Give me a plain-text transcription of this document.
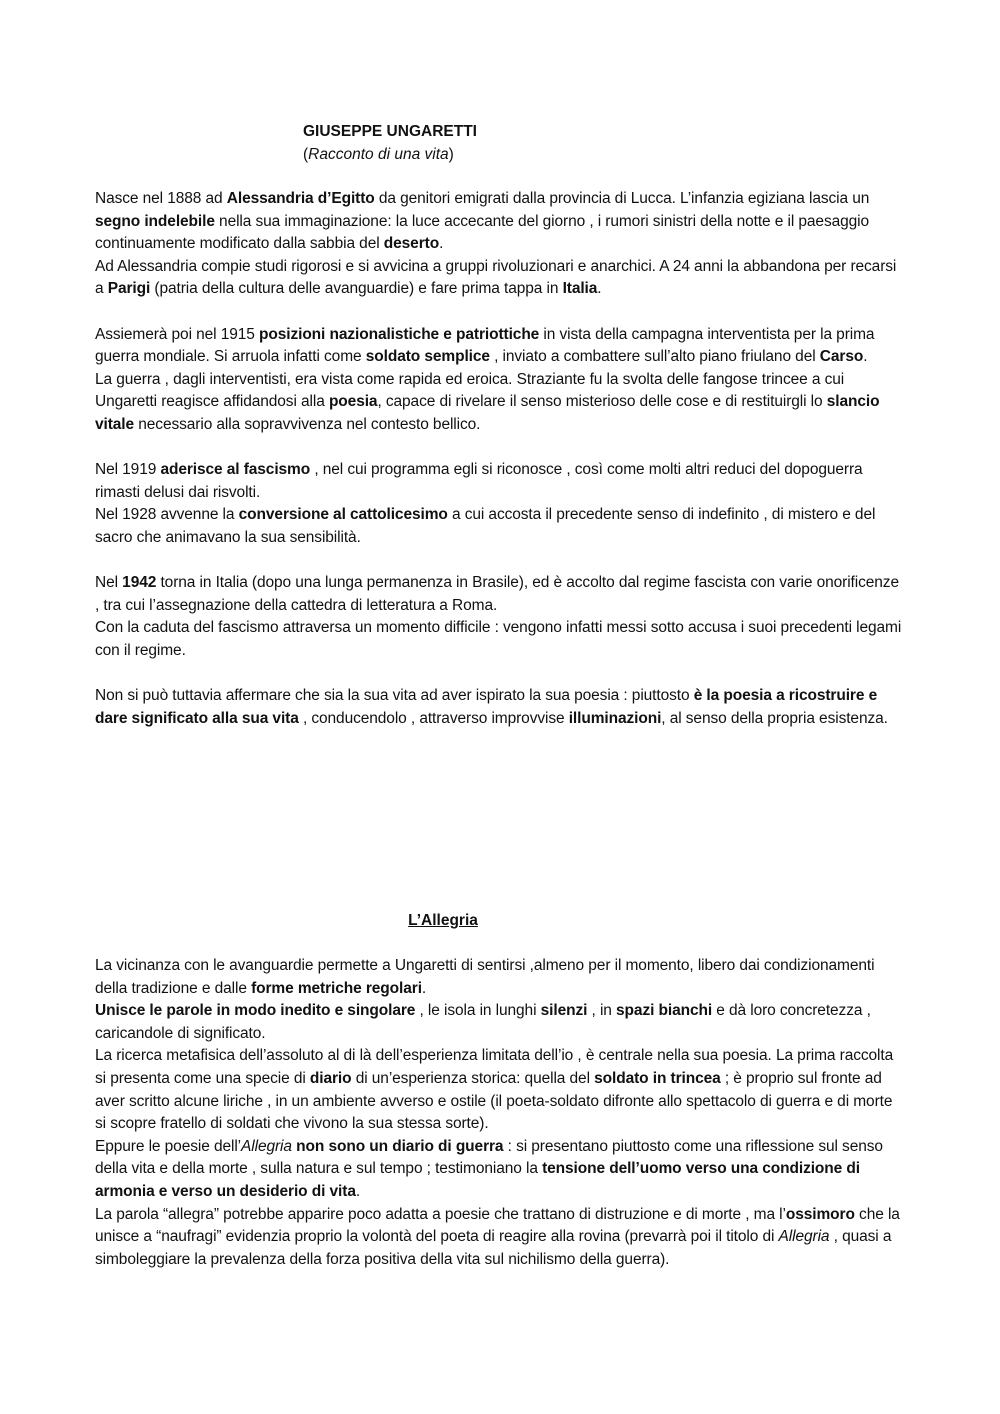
GIUSEPPE UNGARETTI
(Racconto di una vita)

Nasce nel 1888 ad Alessandria d’Egitto da genitori emigrati dalla provincia di Lucca. L’infanzia egiziana lascia un segno indelebile nella sua immaginazione: la luce accecante del giorno , i rumori sinistri della notte e il paesaggio continuamente modificato dalla sabbia del deserto.

Ad Alessandria compie studi rigorosi e si avvicina a gruppi rivoluzionari e anarchici. A 24 anni la abbandona per recarsi a Parigi (patria della cultura delle avanguardie) e fare prima tappa in Italia.

Assiemerà poi nel 1915 posizioni nazionalistiche e patriottiche in vista della campagna interventista per la prima guerra mondiale. Si arruola infatti come soldato semplice , inviato a combattere sull’alto piano friulano del Carso.

La guerra , dagli interventisti, era vista come rapida ed eroica. Straziante fu la svolta delle fangose trincee a cui Ungaretti reagisce affidandosi alla poesia, capace di rivelare il senso misterioso delle cose e di restituirgli lo slancio vitale necessario alla sopravvivenza nel contesto bellico.

Nel 1919 aderisce al fascismo , nel cui programma egli si riconosce , così come molti altri reduci del dopoguerra rimasti delusi dai risvolti.

Nel 1928 avvenne la conversione al cattolicesimo a cui accosta il precedente senso di indefinito , di mistero e del sacro che animavano la sua sensibilità.

Nel 1942 torna in Italia (dopo una lunga permanenza in Brasile), ed è accolto dal regime fascista con varie onorificenze , tra cui l’assegnazione della cattedra di letteratura a Roma.

Con la caduta del fascismo attraversa un momento difficile : vengono infatti messi sotto accusa i suoi precedenti legami con il regime.

Non si può tuttavia affermare che sia la sua vita ad aver ispirato la sua poesia : piuttosto è la poesia a ricostruire e dare significato alla sua vita , conducendolo , attraverso improvvise illuminazioni, al senso della propria esistenza.

L’Allegria

La vicinanza con le avanguardie permette a Ungaretti di sentirsi ,almeno per il momento, libero dai condizionamenti della tradizione e dalle forme metriche regolari.

Unisce le parole in modo inedito e singolare , le isola in lunghi silenzi , in spazi bianchi e dà loro concretezza , caricandole di significato.

La ricerca metafisica dell’assoluto al di là dell’esperienza limitata dell’io , è centrale nella sua poesia. La prima raccolta si presenta come una specie di diario di un’esperienza storica: quella del soldato in trincea ; è proprio sul fronte ad aver scritto alcune liriche , in un ambiente avverso e ostile (il poeta-soldato difronte allo spettacolo di guerra e di morte si scopre fratello di soldati che vivono la sua stessa sorte).

Eppure le poesie dell’Allegria non sono un diario di guerra : si presentano piuttosto come una riflessione sul senso della vita e della morte , sulla natura e sul tempo ; testimoniano la tensione dell’uomo verso una condizione di armonia e verso un desiderio di vita.

La parola “allegra” potrebbe apparire poco adatta a poesie che trattano di distruzione e di morte , ma l’ossimoro che la unisce a “naufragi” evidenzia proprio la volontà del poeta di reagire alla rovina (prevarrà poi il titolo di Allegria , quasi a simboleggiare la prevalenza della forza positiva della vita sul nichilismo della guerra).
